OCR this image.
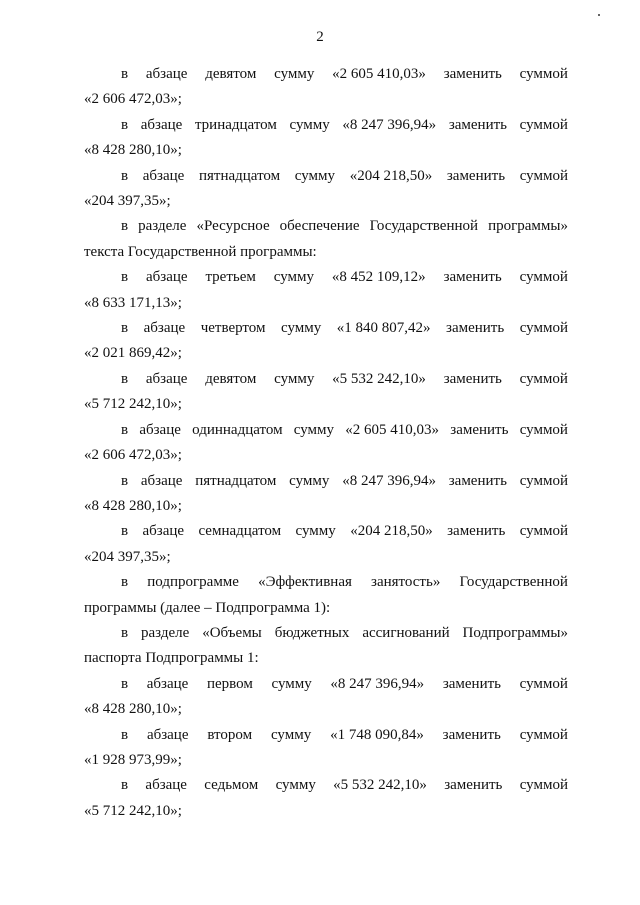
2
в абзаце девятом сумму «2 605 410,03» заменить суммой
«2 606 472,03»;
в абзаце тринадцатом сумму «8 247 396,94» заменить суммой
«8 428 280,10»;
в абзаце пятнадцатом сумму «204 218,50» заменить суммой
«204 397,35»;
в разделе «Ресурсное обеспечение Государственной программы»
текста Государственной программы:
в абзаце третьем сумму «8 452 109,12» заменить суммой
«8 633 171,13»;
в абзаце четвертом сумму «1 840 807,42» заменить суммой
«2 021 869,42»;
в абзаце девятом сумму «5 532 242,10» заменить суммой
«5 712 242,10»;
в абзаце одиннадцатом сумму «2 605 410,03» заменить суммой
«2 606 472,03»;
в абзаце пятнадцатом сумму «8 247 396,94» заменить суммой
«8 428 280,10»;
в абзаце семнадцатом сумму «204 218,50» заменить суммой
«204 397,35»;
в подпрограмме «Эффективная занятость» Государственной
программы (далее – Подпрограмма 1):
в разделе «Объемы бюджетных ассигнований Подпрограммы»
паспорта Подпрограммы 1:
в абзаце первом сумму «8 247 396,94» заменить суммой
«8 428 280,10»;
в абзаце втором сумму «1 748 090,84» заменить суммой
«1 928 973,99»;
в абзаце седьмом сумму «5 532 242,10» заменить суммой
«5 712 242,10»;
